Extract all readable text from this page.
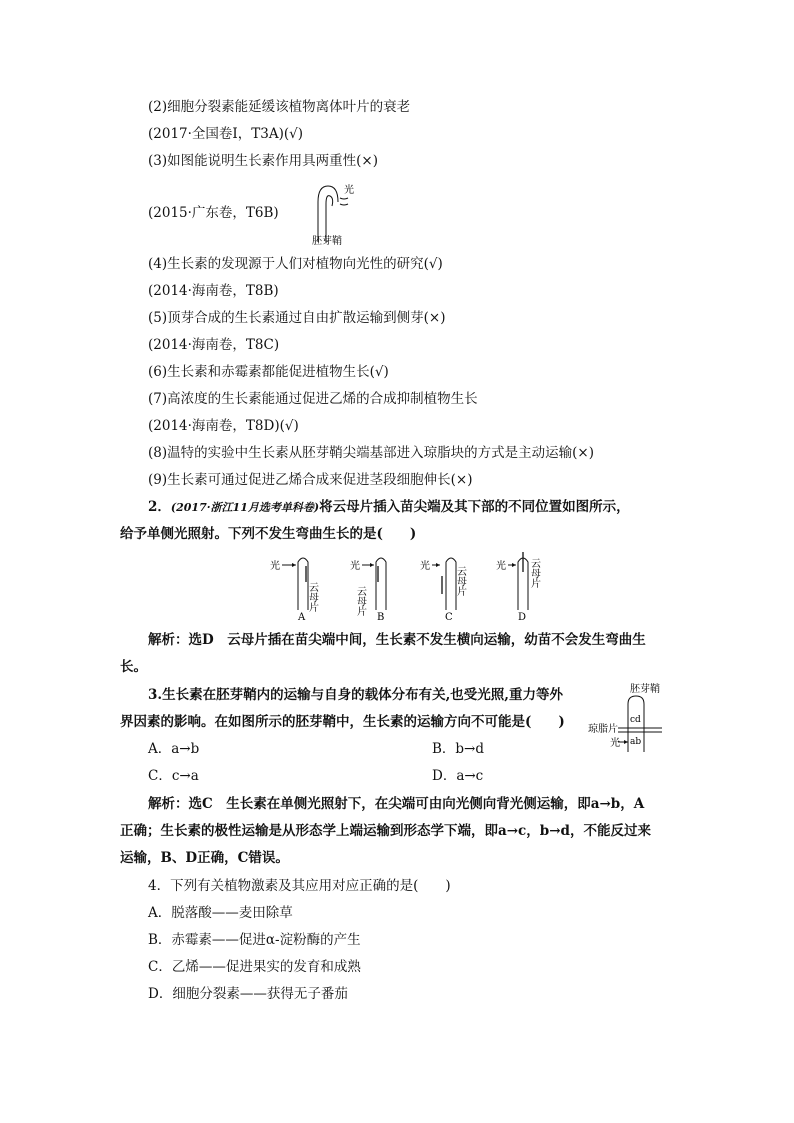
(2)细胞分裂素能延缓该植物离体叶片的衰老
(2017·全国卷Ⅰ，T3A)(√)
(3)如图能说明生长素作用具两重性(×)
(2015·广东卷，T6B)
光
胚芽鞘
(4)生长素的发现源于人们对植物向光性的研究(√)
(2014·海南卷，T8B)
(5)顶芽合成的生长素通过自由扩散运输到侧芽(×)
(2014·海南卷，T8C)
(6)生长素和赤霉素都能促进植物生长(√)
(7)高浓度的生长素能通过促进乙烯的合成抑制植物生长
(2014·海南卷，T8D)(√)
(8)温特的实验中生长素从胚芽鞘尖端基部进入琼脂块的方式是主动运输(×)
(9)生长素可通过促进乙烯合成来促进茎段细胞伸长(×)
2．(2017·浙江11月选考单科卷)将云母片插入苗尖端及其下部的不同位置如图所示，
给予单侧光照射。下列不发生弯曲生长的是(　　)
光
云母片
A
光
云母片
B
光 云母片
C
光 云母片
D
解析：选D　云母片插在苗尖端中间，生长素不发生横向运输，幼苗不会发生弯曲生
长。
3.生长素在胚芽鞘内的运输与自身的载体分布有关,也受光照,重力等外
界因素的影响。在如图所示的胚芽鞘中，生长素的运输方向不可能是(　　)
A．a→b	B．b→d
C．c→a	D．a→c
胚芽鞘
cd
ab
琼脂片
光
解析：选C　生长素在单侧光照射下，在尖端可由向光侧向背光侧运输，即a→b，A
正确；生长素的极性运输是从形态学上端运输到形态学下端，即a→c，b→d，不能反过来
运输，B、D正确，C错误。
4．下列有关植物激素及其应用对应正确的是(　　)
A．脱落酸——麦田除草
B．赤霉素——促进α-淀粉酶的产生
C．乙烯——促进果实的发育和成熟
D．细胞分裂素——获得无子番茄
